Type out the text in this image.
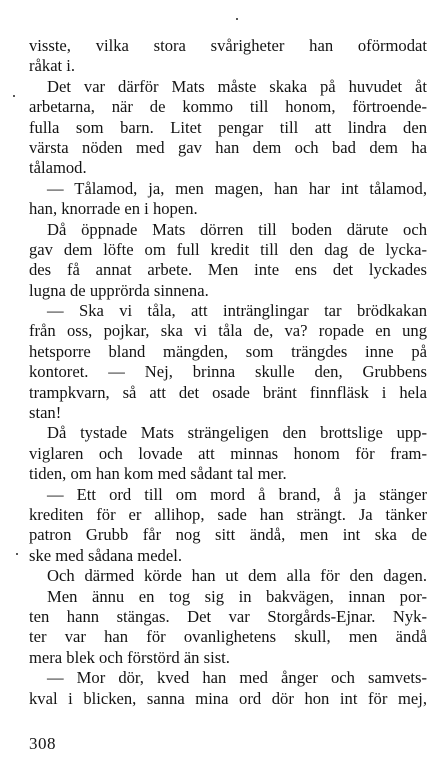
visste, vilka stora svårigheter han oförmodat
råkat i.
Det var därför Mats måste skaka på huvudet åt
arbetarna, när de kommo till honom, förtroende-
fulla som barn. Litet pengar till att lindra den
värsta nöden med gav han dem och bad dem ha
tålamod.
— Tålamod, ja, men magen, han har int tålamod,
han, knorrade en i hopen.
Då öppnade Mats dörren till boden därute och
gav dem löfte om full kredit till den dag de lycka-
des få annat arbete. Men inte ens det lyckades
lugna de upprörda sinnena.
— Ska vi tåla, att intränglingar tar brödkakan
från oss, pojkar, ska vi tåla de, va? ropade en ung
hetsporre bland mängden, som trängdes inne på
kontoret. — Nej, brinna skulle den, Grubbens
trampkvarn, så att det osade bränt finnfläsk i hela
stan!
Då tystade Mats strängeligen den brottslige upp-
viglaren och lovade att minnas honom för fram-
tiden, om han kom med sådant tal mer.
— Ett ord till om mord å brand, å ja stänger
krediten för er allihop, sade han strängt. Ja tänker
patron Grubb får nog sitt ändå, men int ska de
ske med sådana medel.
Och därmed körde han ut dem alla för den dagen.
Men ännu en tog sig in bakvägen, innan por-
ten hann stängas. Det var Storgårds-Ejnar. Nyk-
ter var han för ovanlighetens skull, men ändå
mera blek och förstörd än sist.
— Mor dör, kved han med ånger och samvets-
kval i blicken, sanna mina ord dör hon int för mej,
308
